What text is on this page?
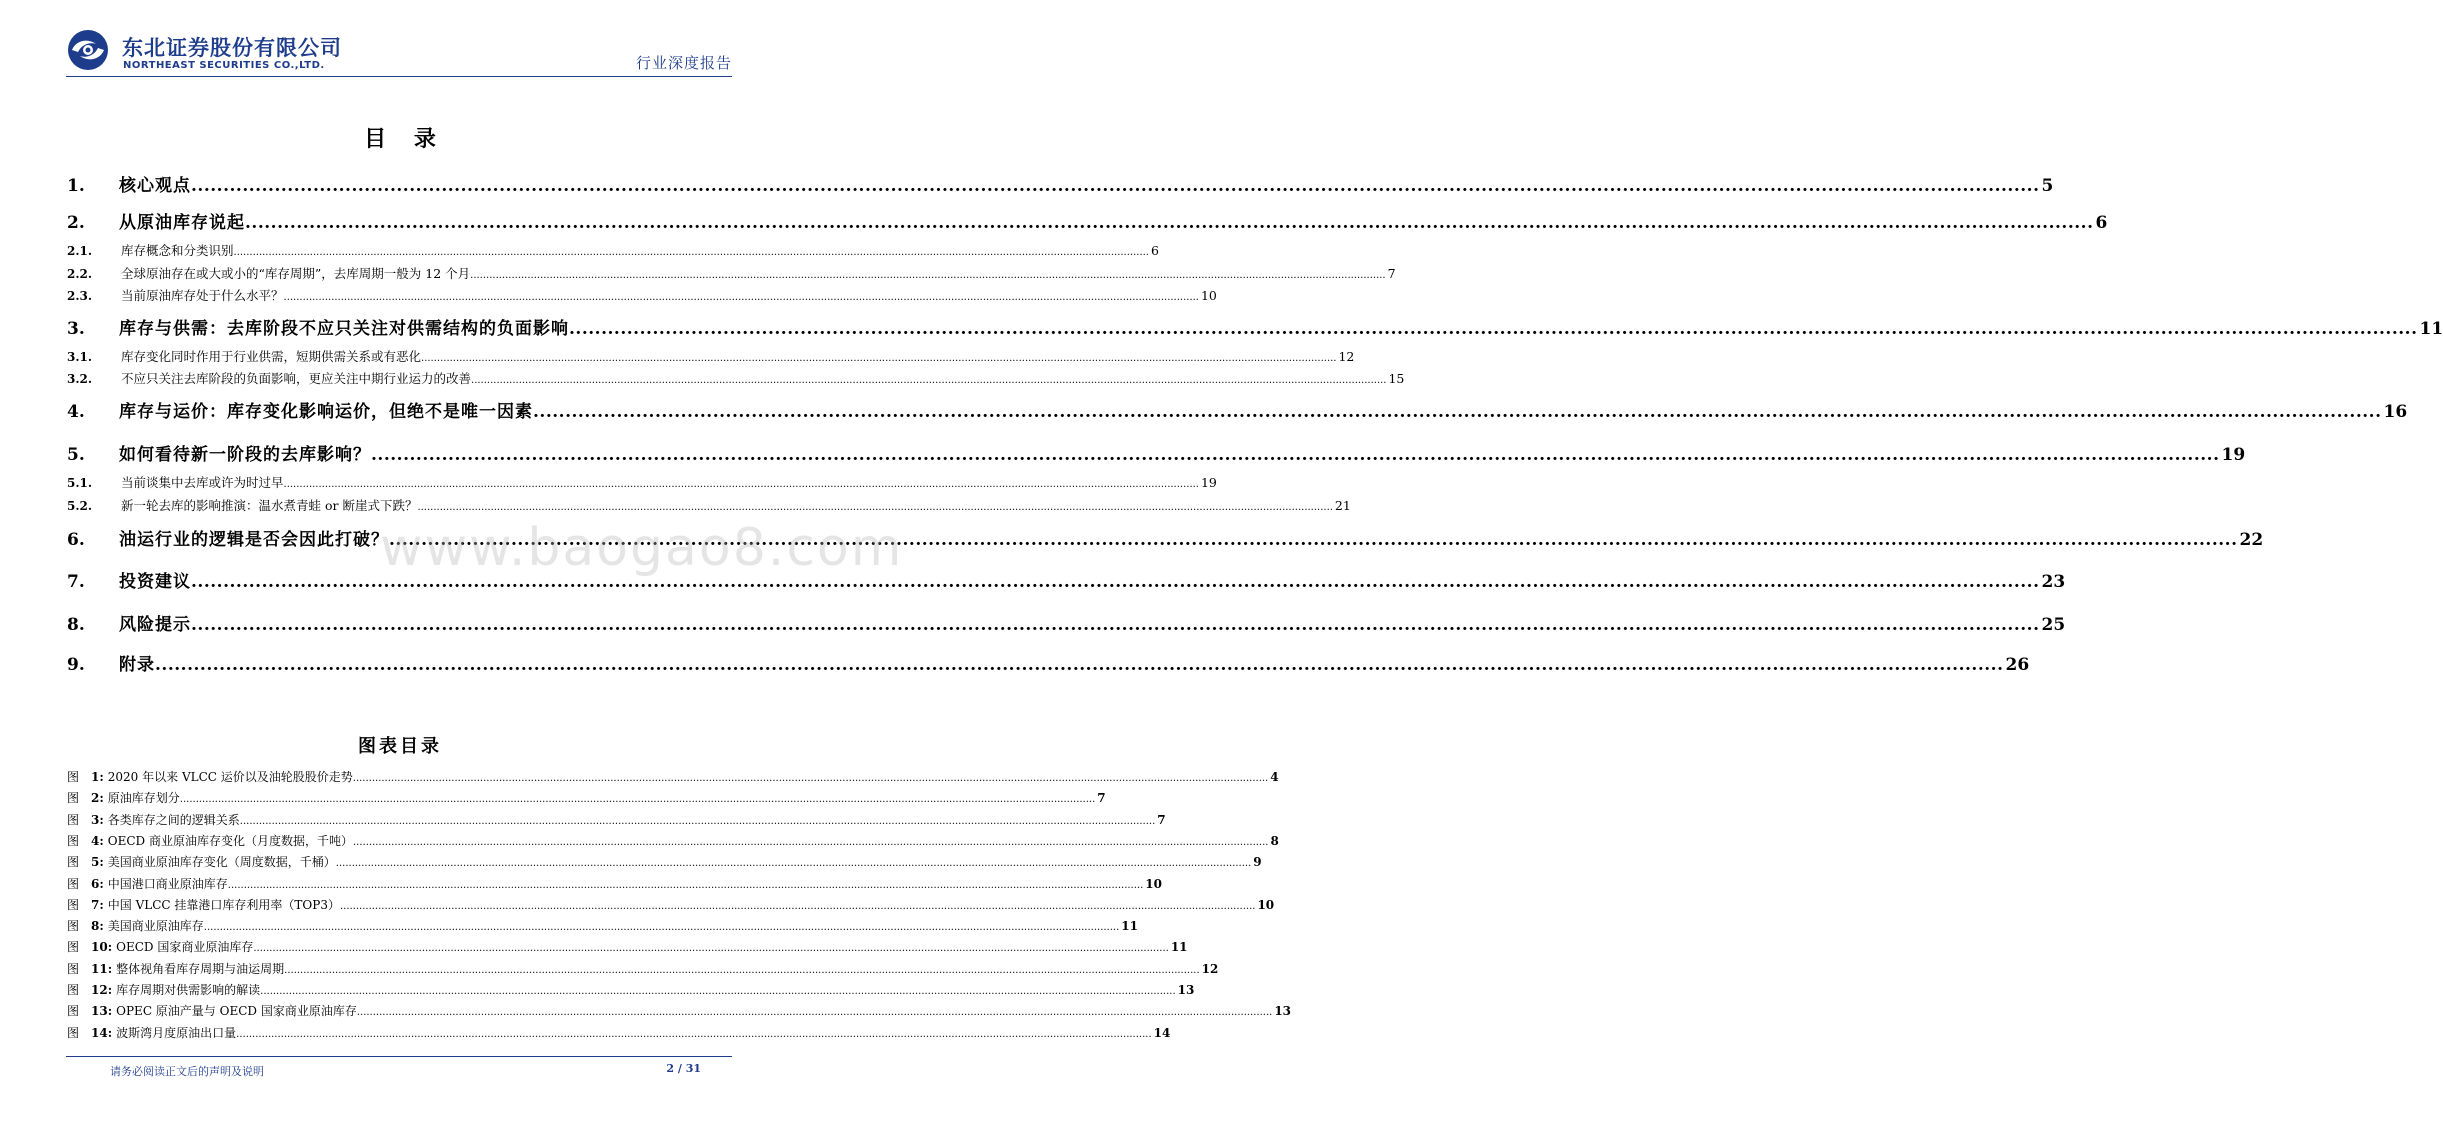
东北证券股份有限公司
NORTHEAST SECURITIES CO.,LTD.	行业深度报告
目 录
1.	核心观点 .....	5
2.	从原油库存说起 .....	6
2.1.	库存概念和分类识别 .....	6
2.2.	全球原油存在或大或小的“库存周期”，去库周期一般为 12 个月 .....	7
2.3.	当前原油库存处于什么水平？ .....	10
3.	库存与供需：去库阶段不应只关注对供需结构的负面影响 .....	11
3.1.	库存变化同时作用于行业供需，短期供需关系或有恶化 .....	12
3.2.	不应只关注去库阶段的负面影响，更应关注中期行业运力的改善 .....	15
4.	库存与运价：库存变化影响运价，但绝不是唯一因素 .....	16
5.	如何看待新一阶段的去库影响？ .....	19
5.1.	当前谈集中去库或许为时过早 .....	19
5.2.	新一轮去库的影响推演：温水煮青蛙 or 断崖式下跌？ .....	21
6.	油运行业的逻辑是否会因此打破？ .....	22
7.	投资建议 .....	23
8.	风险提示 .....	25
9.	附录 .....	26
图表目录
图 1: 2020 年以来 VLCC 运价以及油轮股股价走势 .....	4
图 2: 原油库存划分 .....	7
图 3: 各类库存之间的逻辑关系 .....	7
图 4: OECD 商业原油库存变化（月度数据，千吨） .....	8
图 5: 美国商业原油库存变化（周度数据，千桶） .....	9
图 6: 中国港口商业原油库存 .....	10
图 7: 中国 VLCC 挂靠港口库存利用率（TOP3） .....	10
图 8: 美国商业原油库存 .....	11
图 10: OECD 国家商业原油库存 .....	11
图 11: 整体视角看库存周期与油运周期 .....	12
图 12: 库存周期对供需影响的解读 .....	13
图 13: OPEC 原油产量与 OECD 国家商业原油库存 .....	13
图 14: 波斯湾月度原油出口量 .....	14
www.baogao8.com
请务必阅读正文后的声明及说明	2 / 31
